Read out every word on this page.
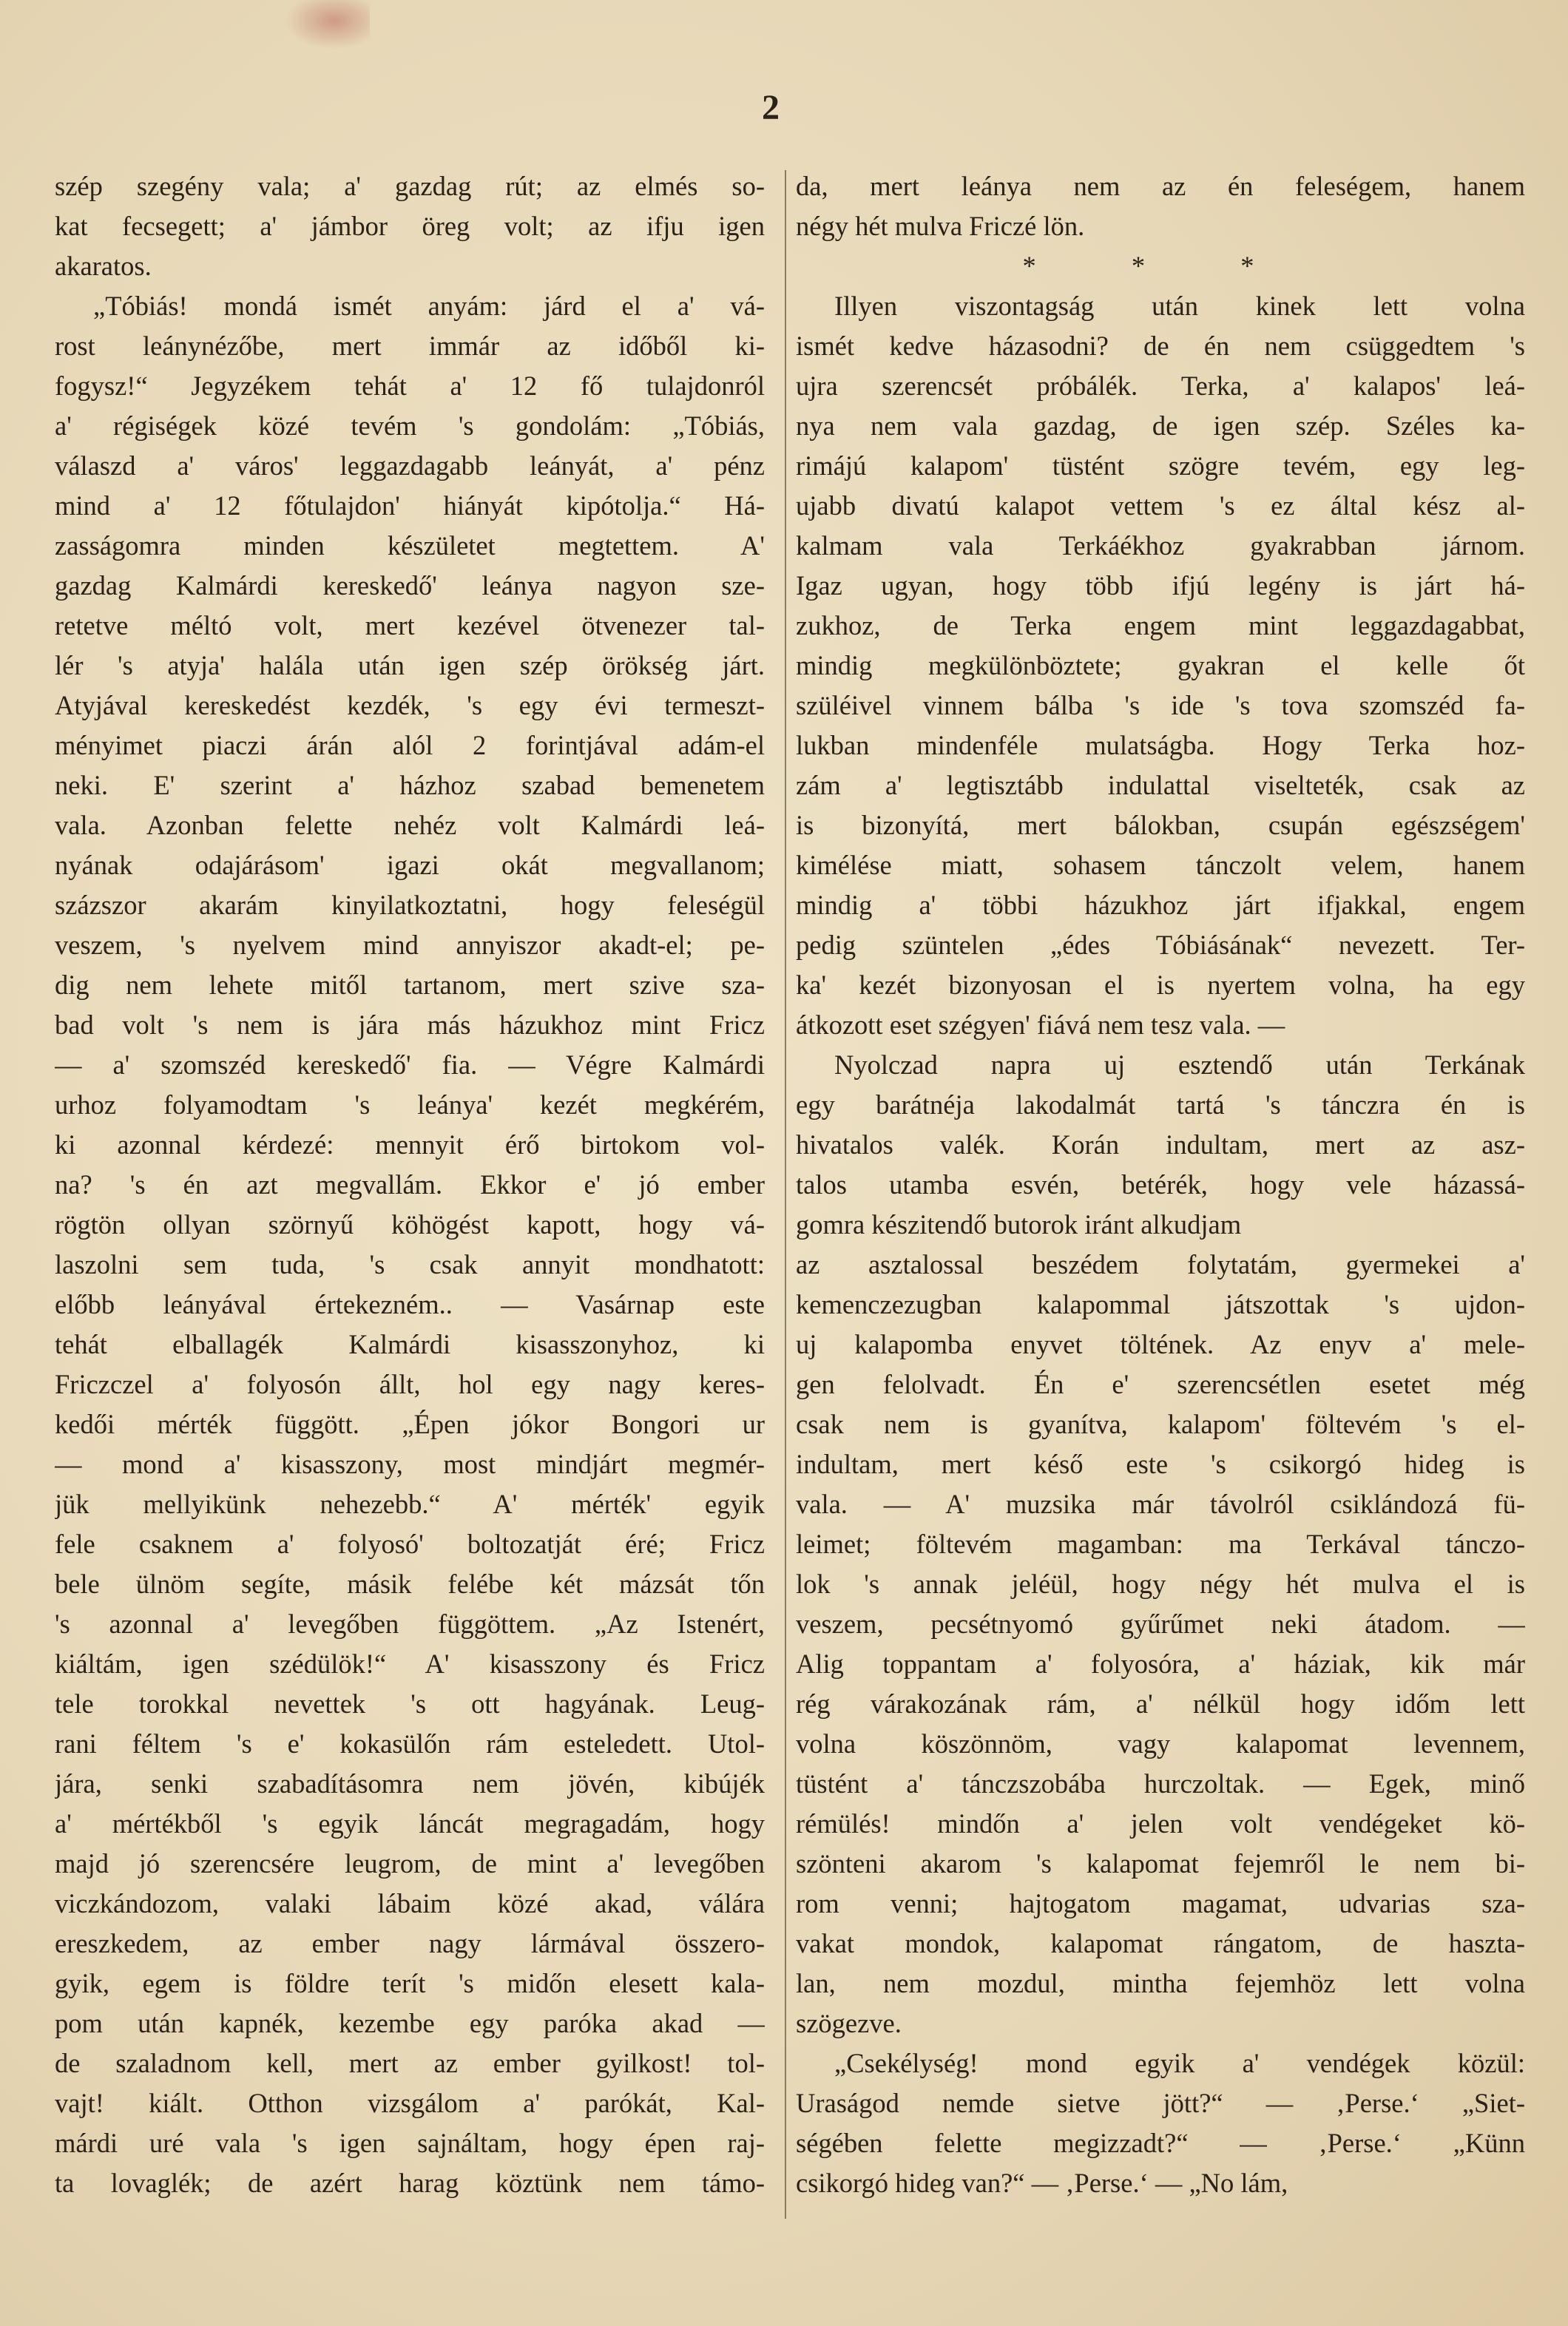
2
szép szegény vala; a' gazdag rút; az elmés so-
kat fecsegett; a' jámbor öreg volt; az ifju igen
akaratos.
„Tóbiás! mondá ismét anyám: járd el a' vá-
rost leánynézőbe, mert immár az időből ki-
fogysz!“ Jegyzékem tehát a' 12 fő tulajdonról
a' régiségek közé tevém 's gondolám: „Tóbiás,
válaszd a' város' leggazdagabb leányát, a' pénz
mind a' 12 főtulajdon' hiányát kipótolja.“ Há-
zasságomra minden készületet megtettem. A'
gazdag Kalmárdi kereskedő' leánya nagyon sze-
retetve méltó volt, mert kezével ötvenezer tal-
lér 's atyja' halála után igen szép örökség járt.
Atyjával kereskedést kezdék, 's egy évi termeszt-
ményimet piaczi árán alól 2 forintjával adám-el
neki. E' szerint a' házhoz szabad bemenetem
vala. Azonban felette nehéz volt Kalmárdi leá-
nyának odajárásom' igazi okát megvallanom;
százszor akarám kinyilatkoztatni, hogy feleségül
veszem, 's nyelvem mind annyiszor akadt-el; pe-
dig nem lehete mitől tartanom, mert szive sza-
bad volt 's nem is jára más házukhoz mint Fricz
— a' szomszéd kereskedő' fia. — Végre Kalmárdi
urhoz folyamodtam 's leánya' kezét megkérém,
ki azonnal kérdezé: mennyit érő birtokom vol-
na? 's én azt megvallám. Ekkor e' jó ember
rögtön ollyan szörnyű köhögést kapott, hogy vá-
laszolni sem tuda, 's csak annyit mondhatott:
előbb leányával értekezném.. — Vasárnap este
tehát elballagék Kalmárdi kisasszonyhoz, ki
Friczczel a' folyosón állt, hol egy nagy keres-
kedői mérték függött. „Épen jókor Bongori ur
— mond a' kisasszony, most mindjárt megmér-
jük mellyikünk nehezebb.“ A' mérték' egyik
fele csaknem a' folyosó' boltozatját éré; Fricz
bele ülnöm segíte, másik felébe két mázsát tőn
's azonnal a' levegőben függöttem. „Az Istenért,
kiáltám, igen szédülök!“ A' kisasszony és Fricz
tele torokkal nevettek 's ott hagyának. Leug-
rani féltem 's e' kokasülőn rám esteledett. Utol-
jára, senki szabadításomra nem jövén, kibújék
a' mértékből 's egyik láncát megragadám, hogy
majd jó szerencsére leugrom, de mint a' levegőben
viczkándozom, valaki lábaim közé akad, válára
ereszkedem, az ember nagy lármával összero-
gyik, egem is földre terít 's midőn elesett kala-
pom után kapnék, kezembe egy paróka akad —
de szaladnom kell, mert az ember gyilkost! tol-
vajt! kiált. Otthon vizsgálom a' parókát, Kal-
márdi uré vala 's igen sajnáltam, hogy épen raj-
ta lovaglék; de azért harag köztünk nem támo-
da, mert leánya nem az én feleségem, hanem
négy hét mulva Friczé lön.
* * *
Illyen viszontagság után kinek lett volna
ismét kedve házasodni? de én nem csüggedtem 's
ujra szerencsét próbálék. Terka, a' kalapos' leá-
nya nem vala gazdag, de igen szép. Széles ka-
rimájú kalapom' tüstént szögre tevém, egy leg-
ujabb divatú kalapot vettem 's ez által kész al-
kalmam vala Terkáékhoz gyakrabban járnom.
Igaz ugyan, hogy több ifjú legény is járt há-
zukhoz, de Terka engem mint leggazdagabbat,
mindig megkülönböztete; gyakran el kelle őt
szüléivel vinnem bálba 's ide 's tova szomszéd fa-
lukban mindenféle mulatságba. Hogy Terka hoz-
zám a' legtisztább indulattal viselteték, csak az
is bizonyítá, mert bálokban, csupán egészségem'
kimélése miatt, sohasem tánczolt velem, hanem
mindig a' többi házukhoz járt ifjakkal, engem
pedig szüntelen „édes Tóbiásának“ nevezett. Ter-
ka' kezét bizonyosan el is nyertem volna, ha egy
átkozott eset szégyen' fiává nem tesz vala. —
Nyolczad napra uj esztendő után Terkának
egy barátnéja lakodalmát tartá 's tánczra én is
hivatalos valék. Korán indultam, mert az asz-
talos utamba esvén, betérék, hogy vele házassá-
gomra készitendő butorok iránt alkudjam
az asztalossal beszédem folytatám, gyermekei a'
kemenczezugban kalapommal játszottak 's ujdon-
uj kalapomba enyvet töltének. Az enyv a' mele-
gen felolvadt. Én e' szerencsétlen esetet még
csak nem is gyanítva, kalapom' föltevém 's el-
indultam, mert késő este 's csikorgó hideg is
vala. — A' muzsika már távolról csiklándozá fü-
leimet; föltevém magamban: ma Terkával tánczo-
lok 's annak jeléül, hogy négy hét mulva el is
veszem, pecsétnyomó gyűrűmet neki átadom. —
Alig toppantam a' folyosóra, a' háziak, kik már
rég várakozának rám, a' nélkül hogy időm lett
volna köszönnöm, vagy kalapomat levennem,
tüstént a' tánczszobába hurczoltak. — Egek, minő
rémülés! mindőn a' jelen volt vendégeket kö-
szönteni akarom 's kalapomat fejemről le nem bi-
rom venni; hajtogatom magamat, udvarias sza-
vakat mondok, kalapomat rángatom, de haszta-
lan, nem mozdul, mintha fejemhöz lett volna
szögezve.
„Csekélység! mond egyik a' vendégek közül:
Uraságod nemde sietve jött?“ — ‚Perse.‘ „Siet-
ségében felette megizzadt?“ — ‚Perse.‘ „Künn
csikorgó hideg van?“ — ‚Perse.‘ — „No lám,
